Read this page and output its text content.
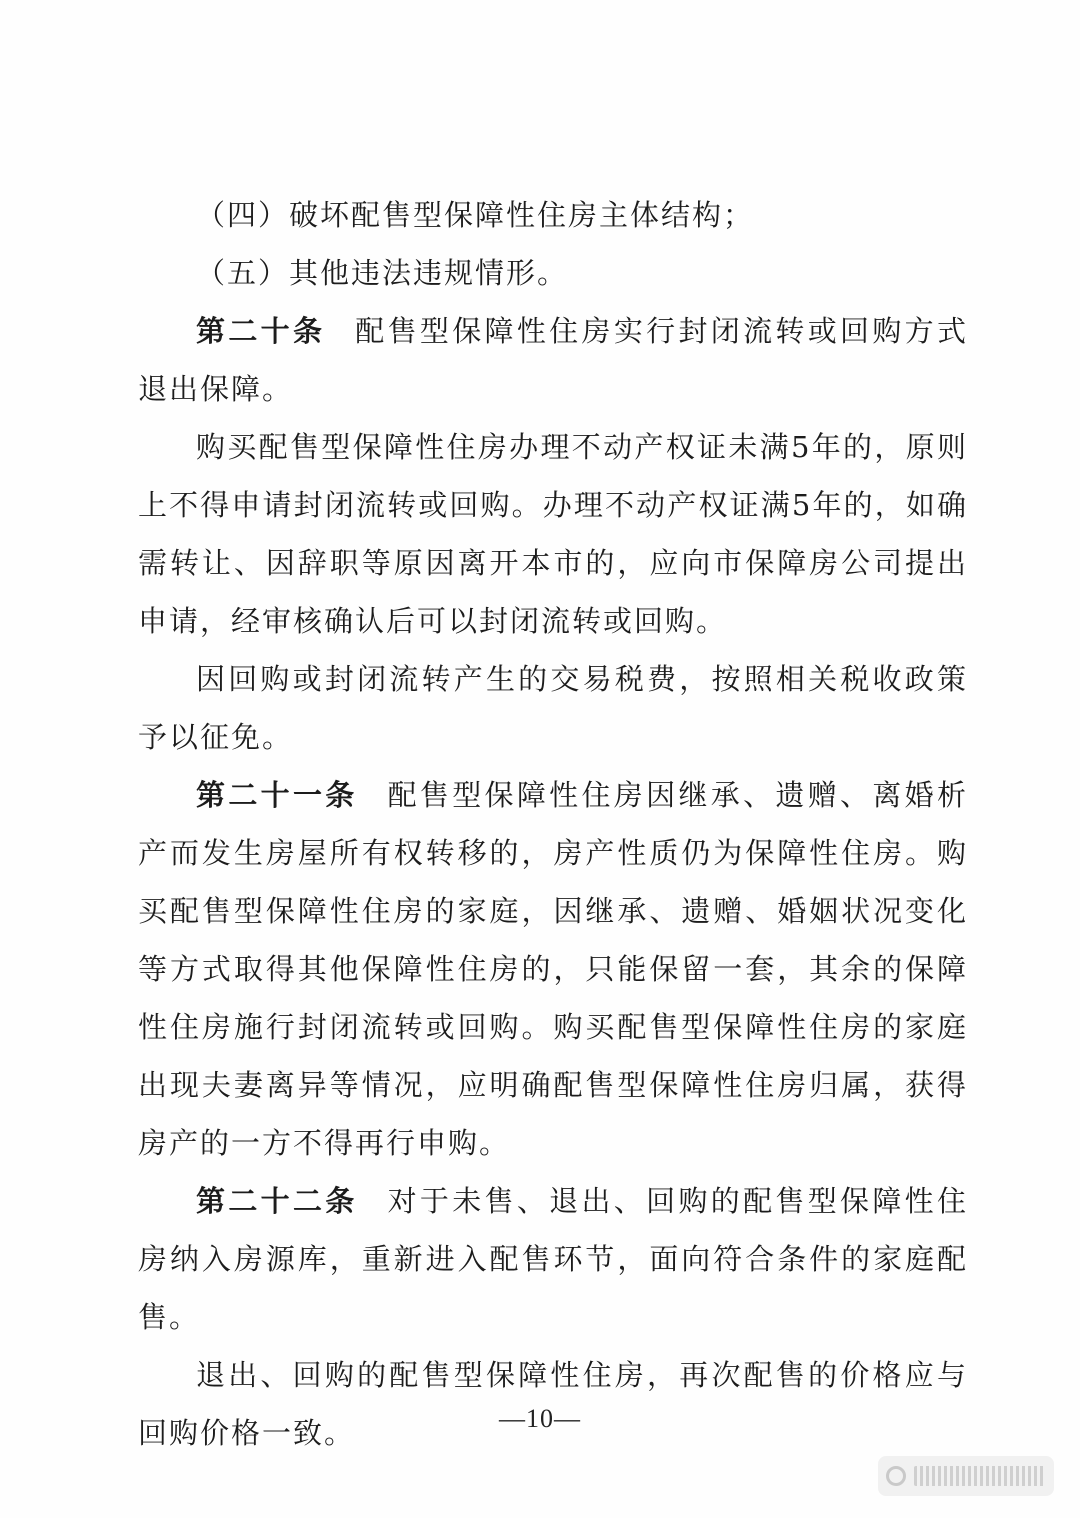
（四）破坏配售型保障性住房主体结构；

（五）其他违法违规情形。

第二十条 配售型保障性住房实行封闭流转或回购方式退出保障。

购买配售型保障性住房办理不动产权证未满5年的，原则上不得申请封闭流转或回购。办理不动产权证满5年的，如确需转让、因辞职等原因离开本市的，应向市保障房公司提出申请，经审核确认后可以封闭流转或回购。

因回购或封闭流转产生的交易税费，按照相关税收政策予以征免。

第二十一条 配售型保障性住房因继承、遗赠、离婚析产而发生房屋所有权转移的，房产性质仍为保障性住房。购买配售型保障性住房的家庭，因继承、遗赠、婚姻状况变化等方式取得其他保障性住房的，只能保留一套，其余的保障性住房施行封闭流转或回购。购买配售型保障性住房的家庭出现夫妻离异等情况，应明确配售型保障性住房归属，获得房产的一方不得再行申购。

第二十二条 对于未售、退出、回购的配售型保障性住房纳入房源库，重新进入配售环节，面向符合条件的家庭配售。

退出、回购的配售型保障性住房，再次配售的价格应与回购价格一致。	—10—
